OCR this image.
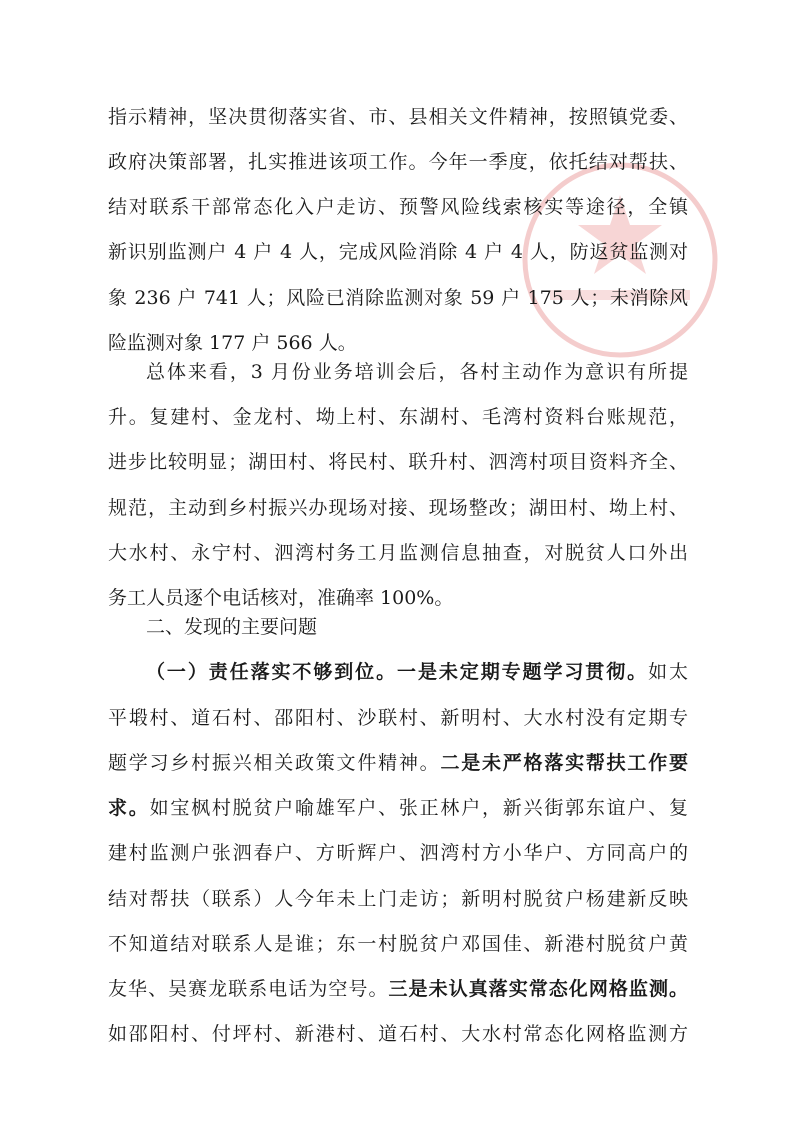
指示精神，坚决贯彻落实省、市、县相关文件精神，按照镇党委、
政府决策部署，扎实推进该项工作。今年一季度，依托结对帮扶、
结对联系干部常态化入户走访、预警风险线索核实等途径，全镇
新识别监测户 4 户 4 人，完成风险消除 4 户 4 人，防返贫监测对
象 236 户 741 人；风险已消除监测对象 59 户 175 人；未消除风
险监测对象 177 户 566 人。
总体来看，3 月份业务培训会后，各村主动作为意识有所提
升。复建村、金龙村、坳上村、东湖村、毛湾村资料台账规范，
进步比较明显；湖田村、将民村、联升村、泗湾村项目资料齐全、
规范，主动到乡村振兴办现场对接、现场整改；湖田村、坳上村、
大水村、永宁村、泗湾村务工月监测信息抽查，对脱贫人口外出
务工人员逐个电话核对，准确率 100%。
二、发现的主要问题
（一）责任落实不够到位。一是未定期专题学习贯彻。如太
平塅村、道石村、邵阳村、沙联村、新明村、大水村没有定期专
题学习乡村振兴相关政策文件精神。二是未严格落实帮扶工作要
求。如宝枫村脱贫户喻雄军户、张正林户，新兴街郭东谊户、复
建村监测户张泗春户、方昕辉户、泗湾村方小华户、方同高户的
结对帮扶（联系）人今年未上门走访；新明村脱贫户杨建新反映
不知道结对联系人是谁；东一村脱贫户邓国佳、新港村脱贫户黄
友华、吴赛龙联系电话为空号。三是未认真落实常态化网格监测。
如邵阳村、付坪村、新港村、道石村、大水村常态化网格监测方
